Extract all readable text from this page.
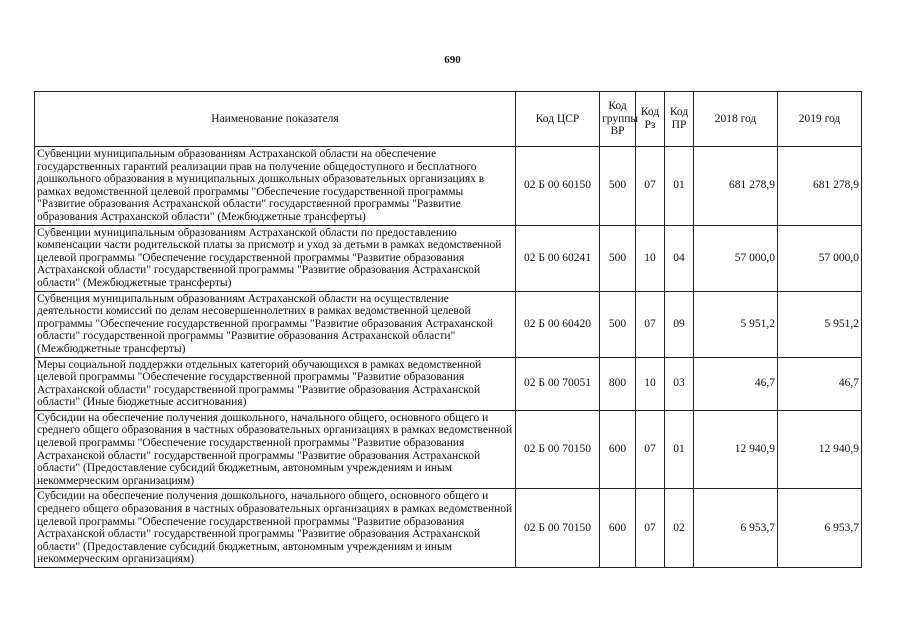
690
Наименование показателя	Код ЦСР	Код группы ВР	Код Рз	Код ПР	2018 год	2019 год
Субвенции муниципальным образованиям Астраханской области на обеспечение государственных гарантий реализации прав на получение общедоступного и бесплатного дошкольного образования в муниципальных дошкольных образовательных организациях в рамках ведомственной целевой программы "Обеспечение государственной программы "Развитие образования Астраханской области" государственной программы "Развитие образования Астраханской области" (Межбюджетные трансферты)	02 Б 00 60150	500	07	01	681 278,9	681 278,9
Субвенции муниципальным образованиям Астраханской области по предоставлению компенсации части родительской платы за присмотр и уход за детьми в рамках ведомственной целевой программы "Обеспечение государственной программы "Развитие образования Астраханской области" государственной программы "Развитие образования Астраханской области" (Межбюджетные трансферты)	02 Б 00 60241	500	10	04	57 000,0	57 000,0
Субвенция муниципальным образованиям Астраханской области на осуществление деятельности комиссий по делам несовершеннолетних в рамках ведомственной целевой программы "Обеспечение государственной программы "Развитие образования Астраханской области" государственной программы "Развитие образования Астраханской области" (Межбюджетные трансферты)	02 Б 00 60420	500	07	09	5 951,2	5 951,2
Меры социальной поддержки отдельных категорий обучающихся в рамках ведомственной целевой программы "Обеспечение государственной программы "Развитие образования Астраханской области" государственной программы "Развитие образования Астраханской области" (Иные бюджетные ассигнования)	02 Б 00 70051	800	10	03	46,7	46,7
Субсидии на обеспечение получения дошкольного, начального общего, основного общего и среднего общего образования в частных образовательных организациях в рамках ведомственной целевой программы "Обеспечение государственной программы "Развитие образования Астраханской области" государственной программы "Развитие образования Астраханской области" (Предоставление субсидий бюджетным, автономным учреждениям и иным некоммерческим организациям)	02 Б 00 70150	600	07	01	12 940,9	12 940,9
Субсидии на обеспечение получения дошкольного, начального общего, основного общего и среднего общего образования в частных образовательных организациях в рамках ведомственной целевой программы "Обеспечение государственной программы "Развитие образования Астраханской области" государственной программы "Развитие образования Астраханской области" (Предоставление субсидий бюджетным, автономным учреждениям и иным некоммерческим организациям)	02 Б 00 70150	600	07	02	6 953,7	6 953,7
